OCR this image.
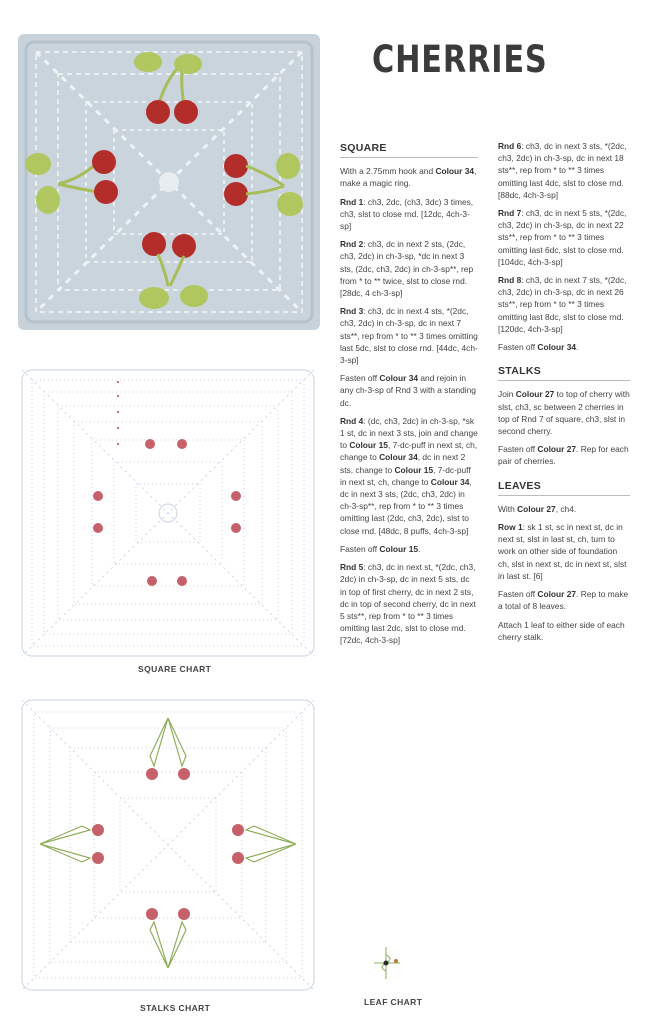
CHERRIES
SQUARE

With a 2.75mm hook and Colour 34, make a magic ring.

Rnd 1: ch3, 2dc, (ch3, 3dc) 3 times, ch3, slst to close rnd. [12dc, 4ch-3-sp]

Rnd 2: ch3, dc in next 2 sts, (2dc, ch3, 2dc) in ch-3-sp, *dc in next 3 sts, (2dc, ch3, 2dc) in ch-3-sp**, rep from * to ** twice, slst to close rnd. [28dc, 4 ch-3-sp]

Rnd 3: ch3, dc in next 4 sts, *(2dc, ch3, 2dc) in ch-3-sp, dc in next 7 sts**, rep from * to ** 3 times omitting last 5dc, slst to close rnd. [44dc, 4ch-3-sp]

Fasten off Colour 34 and rejoin in any ch-3-sp of Rnd 3 with a standing dc.

Rnd 4: (dc, ch3, 2dc) in ch-3-sp, *sk 1 st, dc in next 3 sts, join and change to Colour 15, 7-dc-puff in next st, ch, change to Colour 34, dc in next 2 sts, change to Colour 15, 7-dc-puff in next st, ch, change to Colour 34, dc in next 3 sts, (2dc, ch3, 2dc) in ch-3-sp**, rep from * to ** 3 times omitting last (2dc, ch3, 2dc), slst to close rnd. [48dc, 8 puffs, 4ch-3-sp]

Fasten off Colour 15.

Rnd 5: ch3, dc in next st, *(2dc, ch3, 2dc) in ch-3-sp, dc in next 5 sts, dc in top of first cherry, dc in next 2 sts, dc in top of second cherry, dc in next 5 sts**, rep from * to ** 3 times omitting last 2dc, slst to close rnd. [72dc, 4ch-3-sp]

Rnd 6: ch3, dc in next 3 sts, *(2dc, ch3, 2dc) in ch-3-sp, dc in next 18 sts**, rep from * to ** 3 times omitting last 4dc, slst to close rnd. [88dc, 4ch-3-sp]

Rnd 7: ch3, dc in next 5 sts, *(2dc, ch3, 2dc) in ch-3-sp, dc in next 22 sts**, rep from * to ** 3 times omitting last 6dc, slst to close rnd. [104dc, 4ch-3-sp]

Rnd 8: ch3, dc in next 7 sts, *(2dc, ch3, 2dc) in ch-3-sp, dc in next 26 sts**, rep from * to ** 3 times omitting last 8dc, slst to close rnd. [120dc, 4ch-3-sp]

Fasten off Colour 34.

STALKS

Join Colour 27 to top of cherry with slst, ch3, sc between 2 cherries in top of Rnd 7 of square, ch3, slst in second cherry.

Fasten off Colour 27. Rep for each pair of cherries.

LEAVES

With Colour 27, ch4.

Row 1: sk 1 st, sc in next st, dc in next st, slst in last st, ch, turn to work on other side of foundation ch, slst in next st, dc in next st, slst in last st. [6]

Fasten off Colour 27. Rep to make a total of 8 leaves.

Attach 1 leaf to either side of each cherry stalk.

SQUARE CHART
STALKS CHART
LEAF CHART
